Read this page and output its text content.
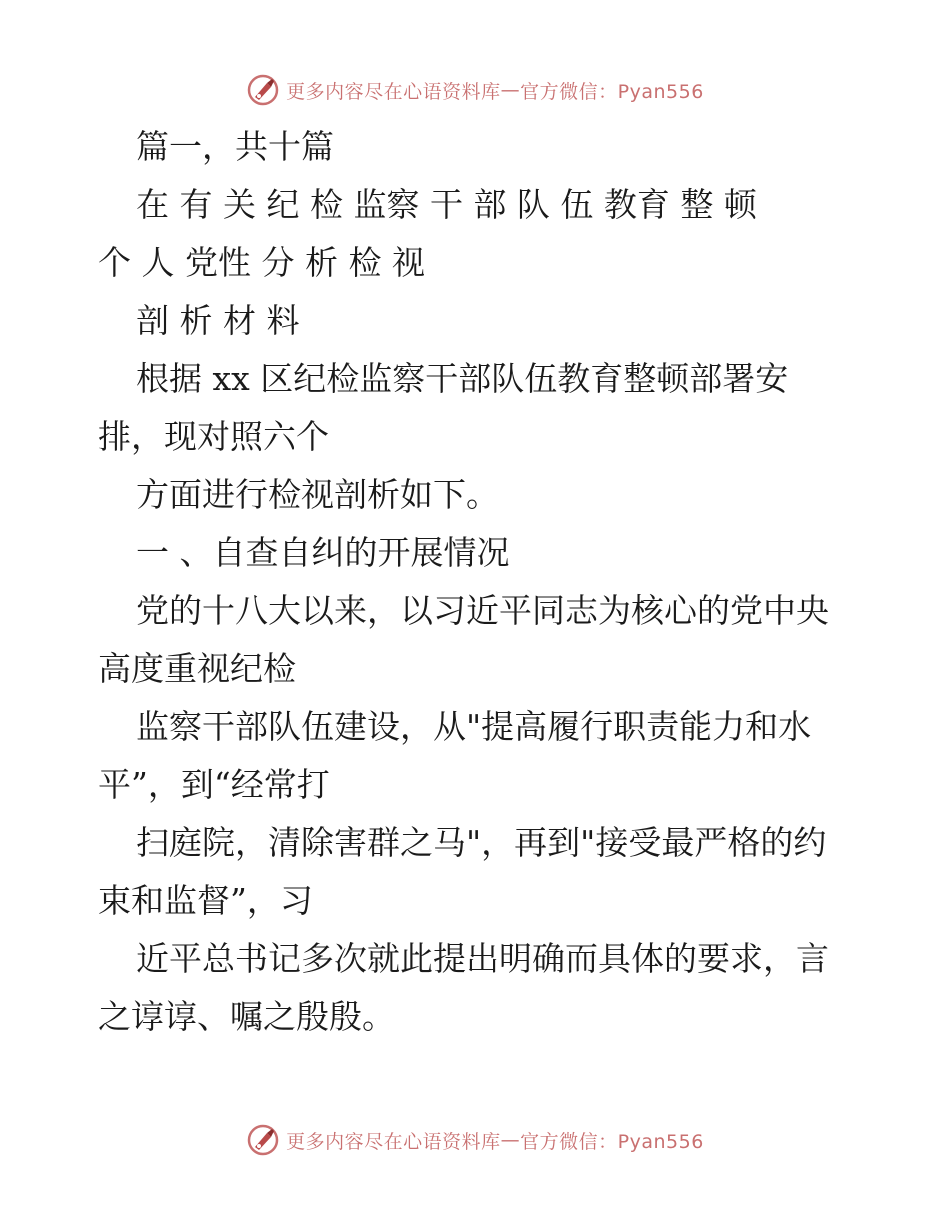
更多内容尽在心语资料库 — 官方微信：Pyan556
篇一，共十篇
在 有 关 纪 检 监察 干 部 队 伍 教育 整 顿
个 人 党性 分 析 检 视
剖 析 材 料
根据 xx 区纪检监察干部队伍教育整顿部署安
排，现对照六个
方面进行检视剖析如下。
一 、自查自纠的开展情况
党的十八大以来，以习近平同志为核心的党中央
高度重视纪检
监察干部队伍建设，从"提高履行职责能力和水
平”，到“经常打
扫庭院，清除害群之马"，再到"接受最严格的约
束和监督”，习
近平总书记多次就此提出明确而具体的要求，言
之谆谆、嘱之殷殷。
更多内容尽在心语资料库 — 官方微信：Pyan556
